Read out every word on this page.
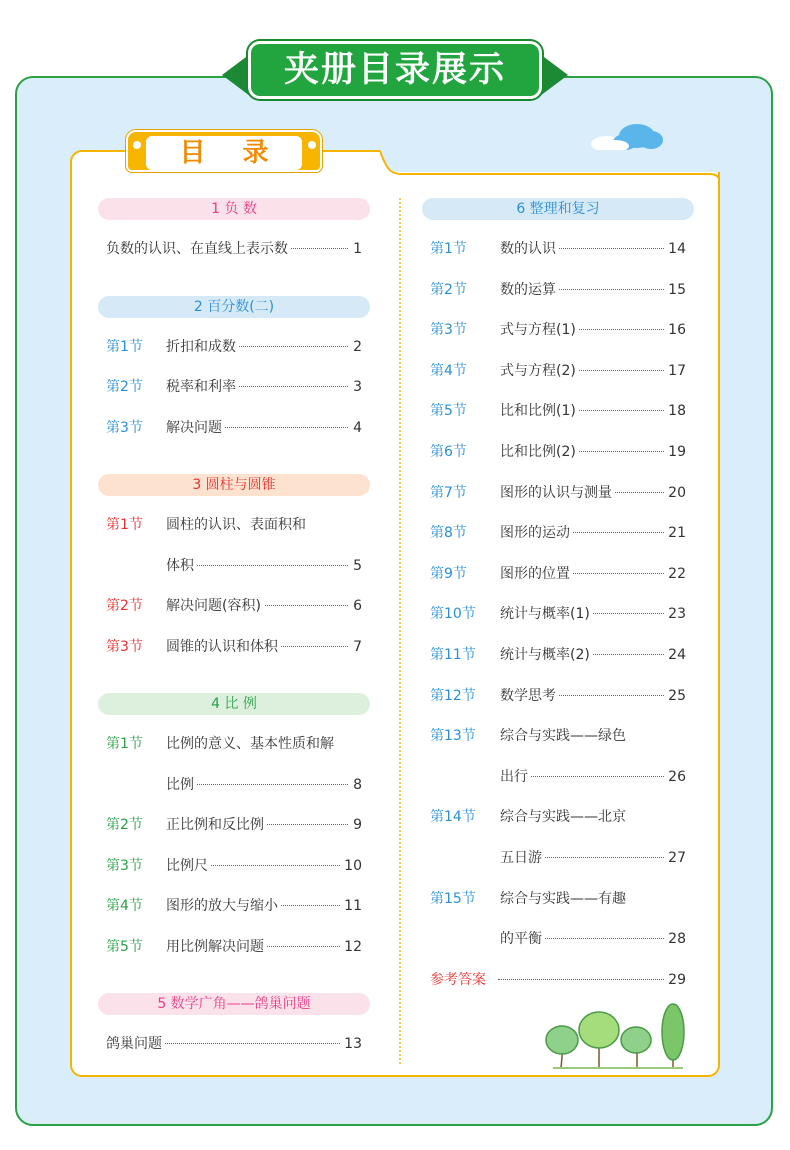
夹册目录展示
目 录
1 负 数
负数的认识、在直线上表示数	1
2 百分数(二)
第1节 折扣和成数	2
第2节 税率和利率	3
第3节 解决问题	4
3 圆柱与圆锥
第1节 圆柱的认识、表面积和
体积	5
第2节 解决问题(容积)	6
第3节 圆锥的认识和体积	7
4 比 例
第1节 比例的意义、基本性质和解
比例	8
第2节 正比例和反比例	9
第3节 比例尺	10
第4节 图形的放大与缩小	11
第5节 用比例解决问题	12
5 数学广角——鸽巢问题
鸽巢问题	13
6 整理和复习
第1节 数的认识	14
第2节 数的运算	15
第3节 式与方程(1)	16
第4节 式与方程(2)	17
第5节 比和比例(1)	18
第6节 比和比例(2)	19
第7节 图形的认识与测量	20
第8节 图形的运动	21
第9节 图形的位置	22
第10节 统计与概率(1)	23
第11节 统计与概率(2)	24
第12节 数学思考	25
第13节 综合与实践——绿色
出行	26
第14节 综合与实践——北京
五日游	27
第15节 综合与实践——有趣
的平衡	28
参考答案	29
